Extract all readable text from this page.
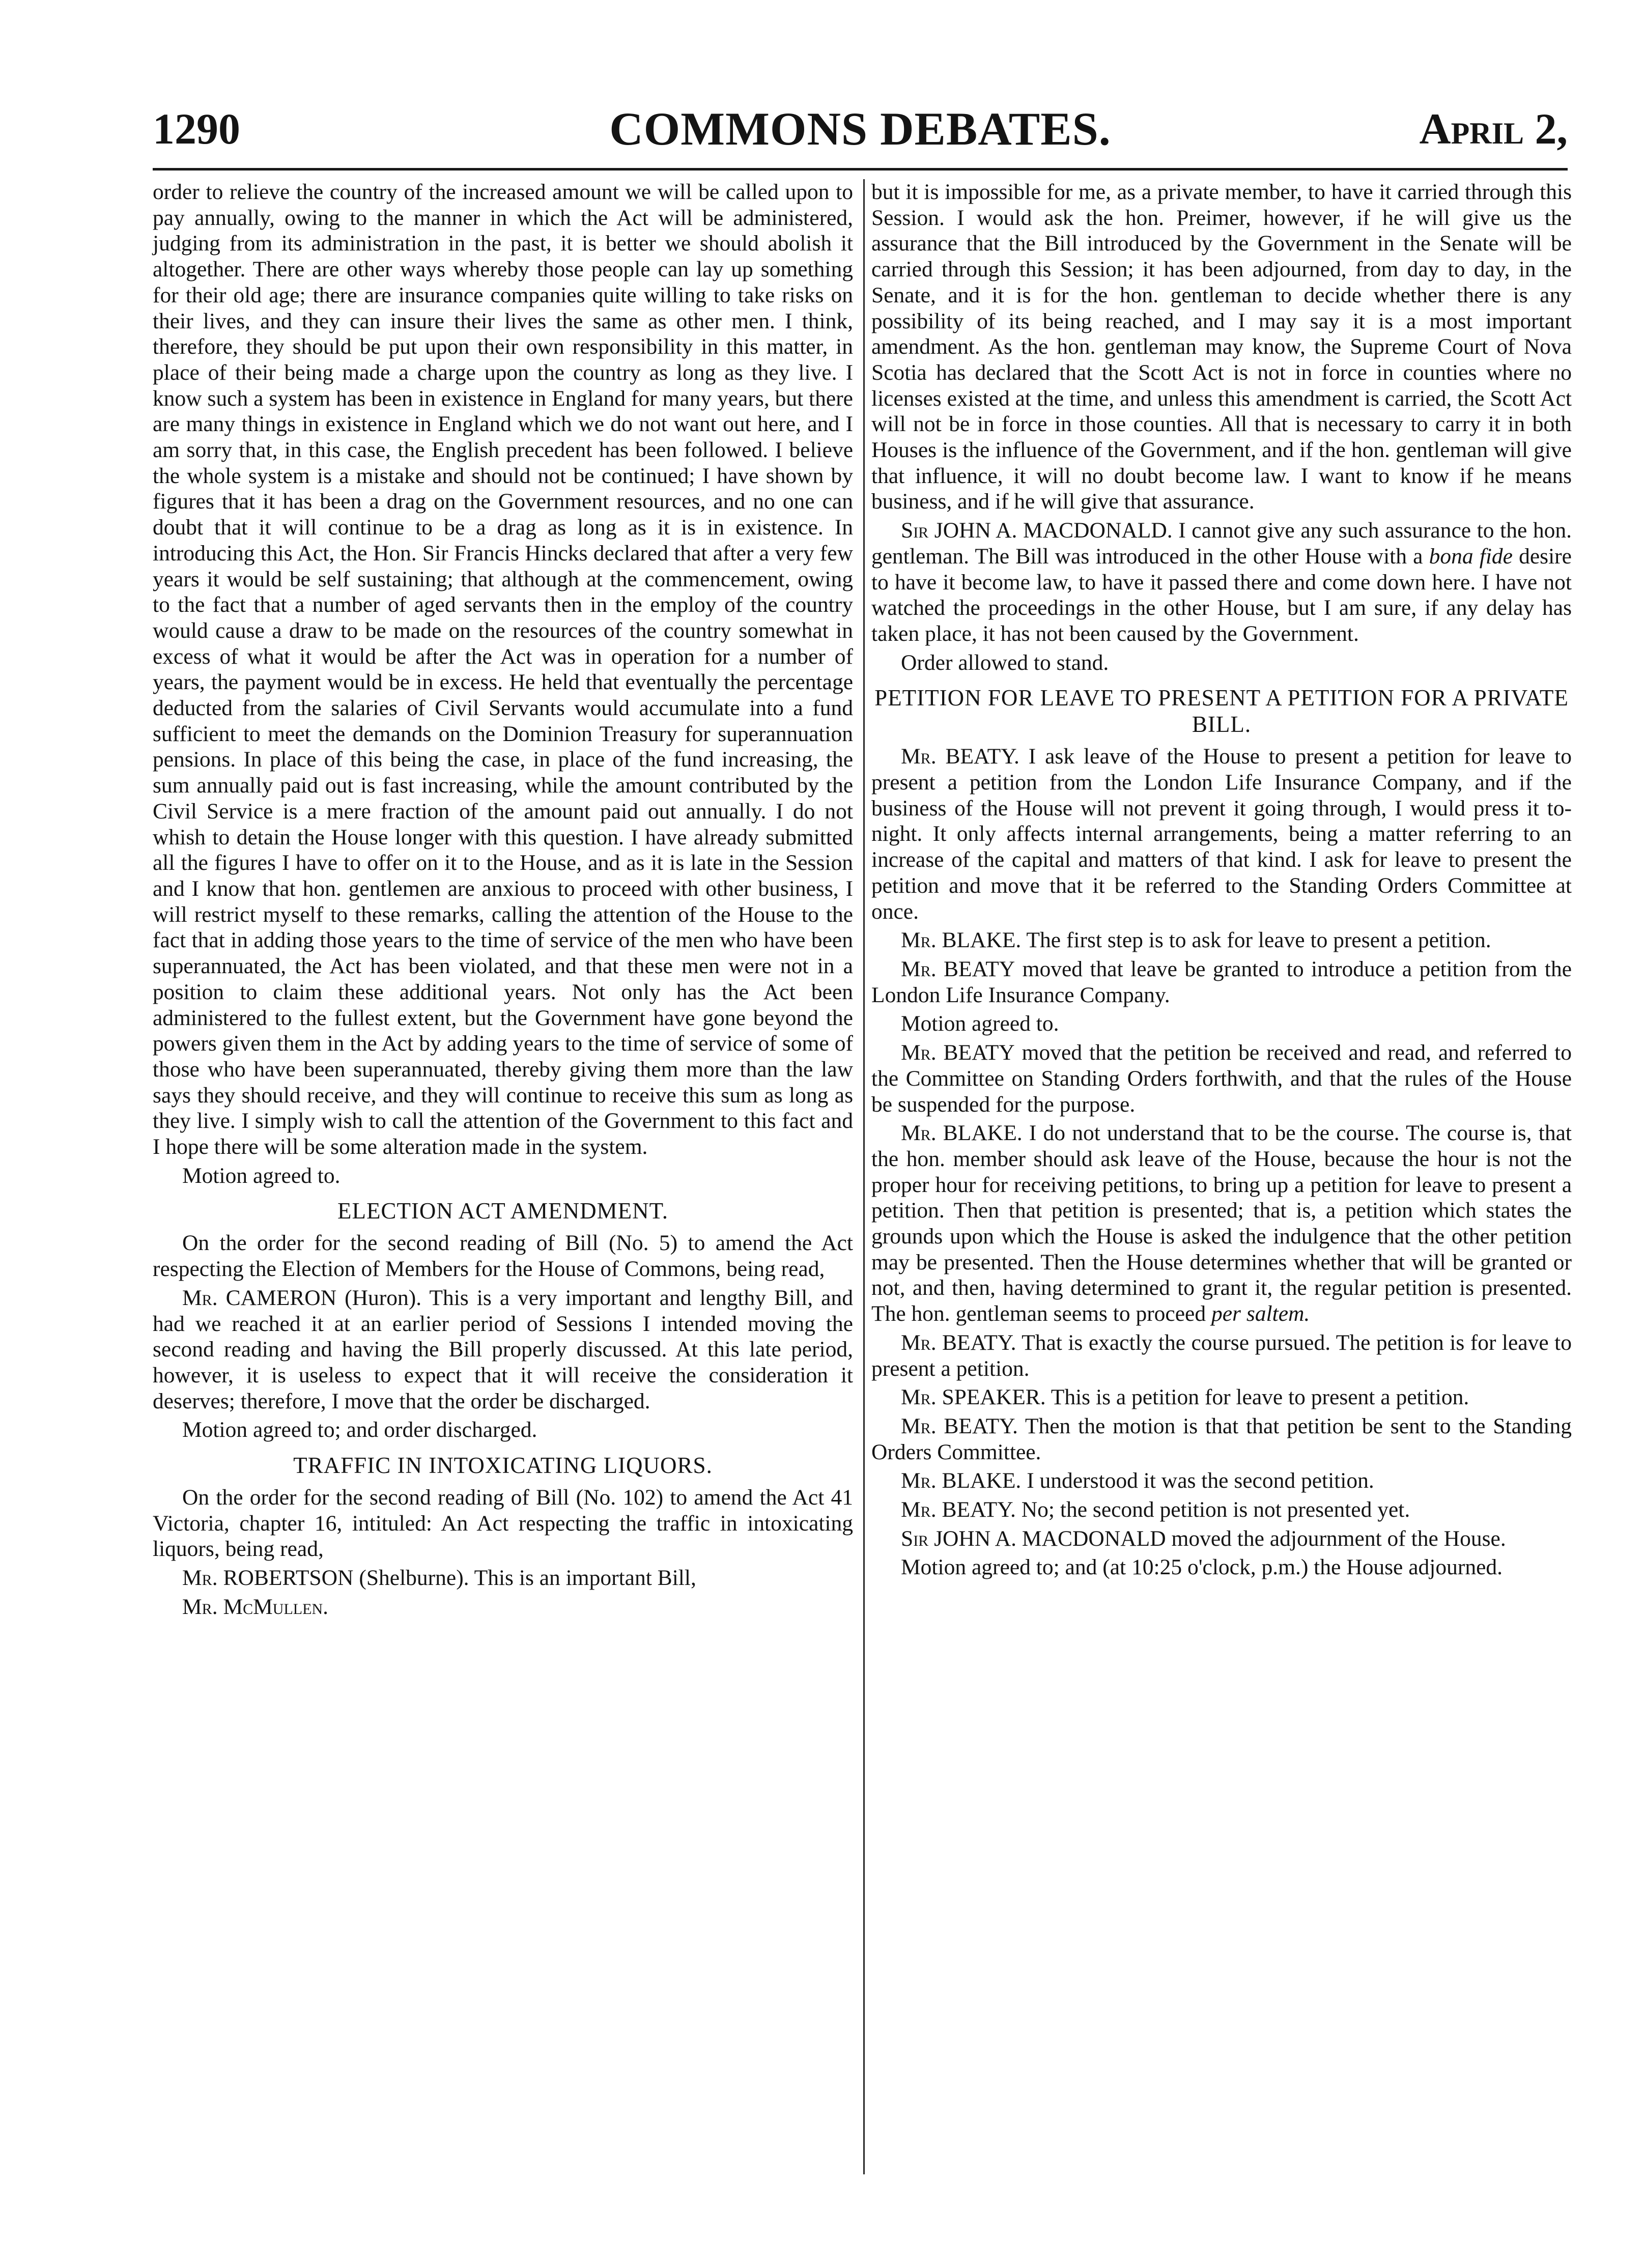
1290	COMMONS DEBATES.	April 2,

order to relieve the country of the increased amount we will be called upon to pay annually, owing to the manner in which the Act will be administered, judging from its administration in the past, it is better we should abolish it altogether. There are other ways whereby those people can lay up something for their old age; there are insurance companies quite willing to take risks on their lives, and they can insure their lives the same as other men. I think, therefore, they should be put upon their own responsibility in this matter, in place of their being made a charge upon the country as long as they live. I know such a system has been in existence in England for many years, but there are many things in existence in England which we do not want out here, and I am sorry that, in this case, the English precedent has been followed. I believe the whole system is a mistake and should not be continued; I have shown by figures that it has been a drag on the Government resources, and no one can doubt that it will continue to be a drag as long as it is in existence. In introducing this Act, the Hon. Sir Francis Hincks declared that after a very few years it would be self sustaining; that although at the commencement, owing to the fact that a number of aged servants then in the employ of the country would cause a draw to be made on the resources of the country somewhat in excess of what it would be after the Act was in operation for a number of years, the payment would be in excess. He held that eventually the percentage deducted from the salaries of Civil Servants would accumulate into a fund sufficient to meet the demands on the Dominion Treasury for superannuation pensions. In place of this being the case, in place of the fund increasing, the sum annually paid out is fast increasing, while the amount contributed by the Civil Service is a mere fraction of the amount paid out annually. I do not whish to detain the House longer with this question. I have already submitted all the figures I have to offer on it to the House, and as it is late in the Session and I know that hon. gentlemen are anxious to proceed with other business, I will restrict myself to these remarks, calling the attention of the House to the fact that in adding those years to the time of service of the men who have been superannuated, the Act has been violated, and that these men were not in a position to claim these additional years. Not only has the Act been administered to the fullest extent, but the Government have gone beyond the powers given them in the Act by adding years to the time of service of some of those who have been superannuated, thereby giving them more than the law says they should receive, and they will continue to receive this sum as long as they live. I simply wish to call the attention of the Government to this fact and I hope there will be some alteration made in the system.

Motion agreed to.

ELECTION ACT AMENDMENT.

On the order for the second reading of Bill (No. 5) to amend the Act respecting the Election of Members for the House of Commons, being read,

Mr. CAMERON (Huron). This is a very important and lengthy Bill, and had we reached it at an earlier period of Sessions I intended moving the second reading and having the Bill properly discussed. At this late period, however, it is useless to expect that it will receive the consideration it deserves; therefore, I move that the order be discharged.

Motion agreed to; and order discharged.

TRAFFIC IN INTOXICATING LIQUORS.

On the order for the second reading of Bill (No. 102) to amend the Act 41 Victoria, chapter 16, intituled: An Act respecting the traffic in intoxicating liquors, being read,

Mr. ROBERTSON (Shelburne). This is an important Bill,

Mr. McMullen.

but it is impossible for me, as a private member, to have it carried through this Session. I would ask the hon. Preimer, however, if he will give us the assurance that the Bill introduced by the Government in the Senate will be carried through this Session; it has been adjourned, from day to day, in the Senate, and it is for the hon. gentleman to decide whether there is any possibility of its being reached, and I may say it is a most important amendment. As the hon. gentleman may know, the Supreme Court of Nova Scotia has declared that the Scott Act is not in force in counties where no licenses existed at the time, and unless this amendment is carried, the Scott Act will not be in force in those counties. All that is necessary to carry it in both Houses is the influence of the Government, and if the hon. gentleman will give that influence, it will no doubt become law. I want to know if he means business, and if he will give that assurance.

Sir JOHN A. MACDONALD. I cannot give any such assurance to the hon. gentleman. The Bill was introduced in the other House with a bona fide desire to have it become law, to have it passed there and come down here. I have not watched the proceedings in the other House, but I am sure, if any delay has taken place, it has not been caused by the Government.

Order allowed to stand.

PETITION FOR LEAVE TO PRESENT A PETITION FOR A PRIVATE BILL.

Mr. BEATY. I ask leave of the House to present a petition for leave to present a petition from the London Life Insurance Company, and if the business of the House will not prevent it going through, I would press it to-night. It only affects internal arrangements, being a matter referring to an increase of the capital and matters of that kind. I ask for leave to present the petition and move that it be referred to the Standing Orders Committee at once.

Mr. BLAKE. The first step is to ask for leave to present a petition.

Mr. BEATY moved that leave be granted to introduce a petition from the London Life Insurance Company.

Motion agreed to.

Mr. BEATY moved that the petition be received and read, and referred to the Committee on Standing Orders forthwith, and that the rules of the House be suspended for the purpose.

Mr. BLAKE. I do not understand that to be the course. The course is, that the hon. member should ask leave of the House, because the hour is not the proper hour for receiving petitions, to bring up a petition for leave to present a petition. Then that petition is presented; that is, a petition which states the grounds upon which the House is asked the indulgence that the other petition may be presented. Then the House determines whether that will be granted or not, and then, having determined to grant it, the regular petition is presented. The hon. gentleman seems to proceed per saltem.

Mr. BEATY. That is exactly the course pursued. The petition is for leave to present a petition.

Mr. SPEAKER. This is a petition for leave to present a petition.

Mr. BEATY. Then the motion is that that petition be sent to the Standing Orders Committee.

Mr. BLAKE. I understood it was the second petition.

Mr. BEATY. No; the second petition is not presented yet.

Sir JOHN A. MACDONALD moved the adjournment of the House.

Motion agreed to; and (at 10:25 o'clock, p.m.) the House adjourned.
